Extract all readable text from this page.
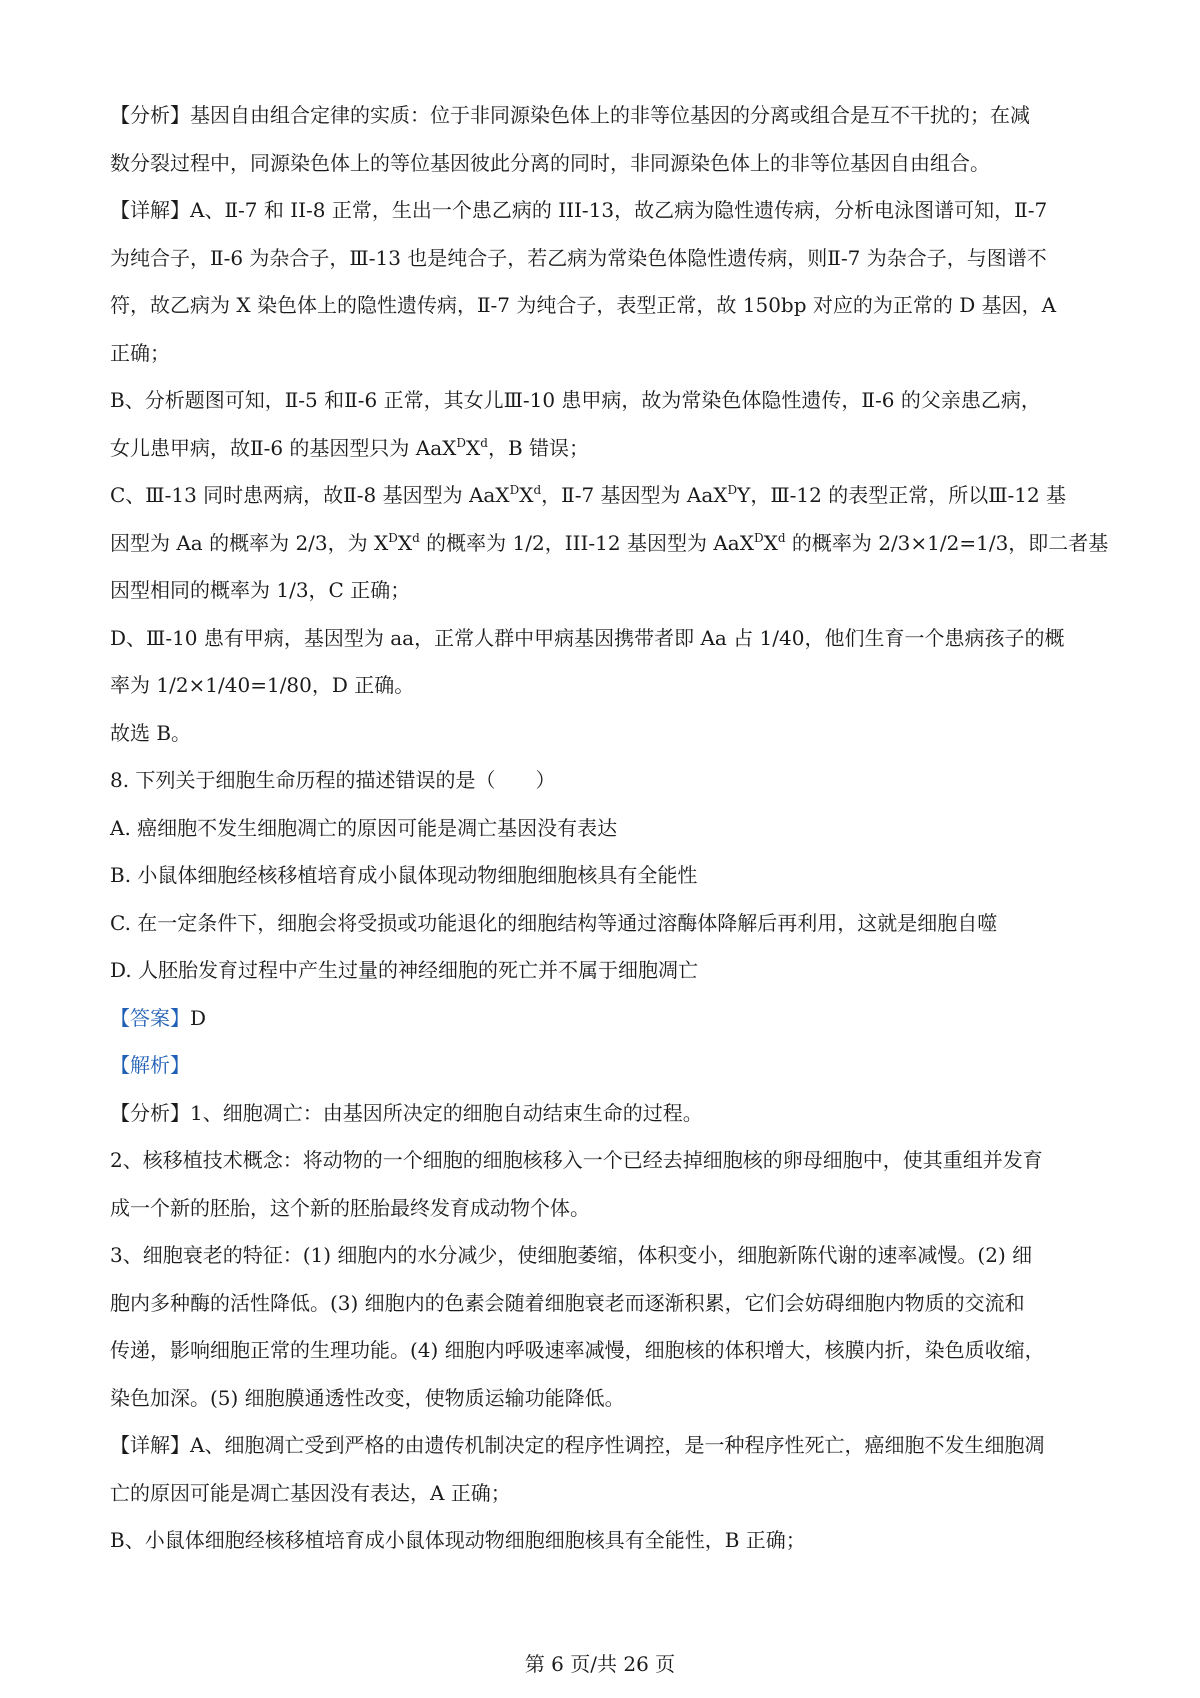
【分析】基因自由组合定律的实质：位于非同源染色体上的非等位基因的分离或组合是互不干扰的；在减

数分裂过程中，同源染色体上的等位基因彼此分离的同时，非同源染色体上的非等位基因自由组合。

【详解】A、Ⅱ-7 和 II-8 正常，生出一个患乙病的 III-13，故乙病为隐性遗传病，分析电泳图谱可知，Ⅱ-7

为纯合子，Ⅱ-6 为杂合子，Ⅲ-13 也是纯合子，若乙病为常染色体隐性遗传病，则Ⅱ-7 为杂合子，与图谱不

符，故乙病为 X 染色体上的隐性遗传病，Ⅱ-7 为纯合子，表型正常，故 150bp 对应的为正常的 D 基因，A

正确；

B、分析题图可知，Ⅱ-5 和Ⅱ-6 正常，其女儿Ⅲ-10 患甲病，故为常染色体隐性遗传，Ⅱ-6 的父亲患乙病，

女儿患甲病，故Ⅱ-6 的基因型只为 $AaX^DX^d$，B 错误；

C、Ⅲ-13 同时患两病，故Ⅱ-8 基因型为 $AaX^DX^d$，Ⅱ-7 基因型为 AaX$^D$Y，Ⅲ-12 的表型正常，所以Ⅲ-12 基

因型为 Aa 的概率为 2/3，为 $X^DX^d$ 的概率为 1/2，III-12 基因型为 $AaX^DX^d$ 的概率为 2/3×1/2=1/3，即二者基

因型相同的概率为 1/3，C 正确；

D、Ⅲ-10 患有甲病，基因型为 aa，正常人群中甲病基因携带者即 Aa 占 1/40，他们生育一个患病孩子的概

率为 1/2×1/40=1/80，D 正确。

故选 B。

8. 下列关于细胞生命历程的描述错误的是（　　）

A. 癌细胞不发生细胞凋亡的原因可能是凋亡基因没有表达

B. 小鼠体细胞经核移植培育成小鼠体现动物细胞细胞核具有全能性

C. 在一定条件下，细胞会将受损或功能退化的细胞结构等通过溶酶体降解后再利用，这就是细胞自噬

D. 人胚胎发育过程中产生过量的神经细胞的死亡并不属于细胞凋亡

【答案】D

【解析】

【分析】1、细胞凋亡：由基因所决定的细胞自动结束生命的过程。

2、核移植技术概念：将动物的一个细胞的细胞核移入一个已经去掉细胞核的卵母细胞中，使其重组并发育

成一个新的胚胎，这个新的胚胎最终发育成动物个体。

3、细胞衰老的特征：(1) 细胞内的水分减少，使细胞萎缩，体积变小，细胞新陈代谢的速率减慢。(2) 细

胞内多种酶的活性降低。(3) 细胞内的色素会随着细胞衰老而逐渐积累，它们会妨碍细胞内物质的交流和

传递，影响细胞正常的生理功能。(4) 细胞内呼吸速率减慢，细胞核的体积增大，核膜内折，染色质收缩，

染色加深。(5) 细胞膜通透性改变，使物质运输功能降低。

【详解】A、细胞凋亡受到严格的由遗传机制决定的程序性调控，是一种程序性死亡，癌细胞不发生细胞凋

亡的原因可能是凋亡基因没有表达，A 正确；

B、小鼠体细胞经核移植培育成小鼠体现动物细胞细胞核具有全能性，B 正确；

第 6 页/共 26 页
